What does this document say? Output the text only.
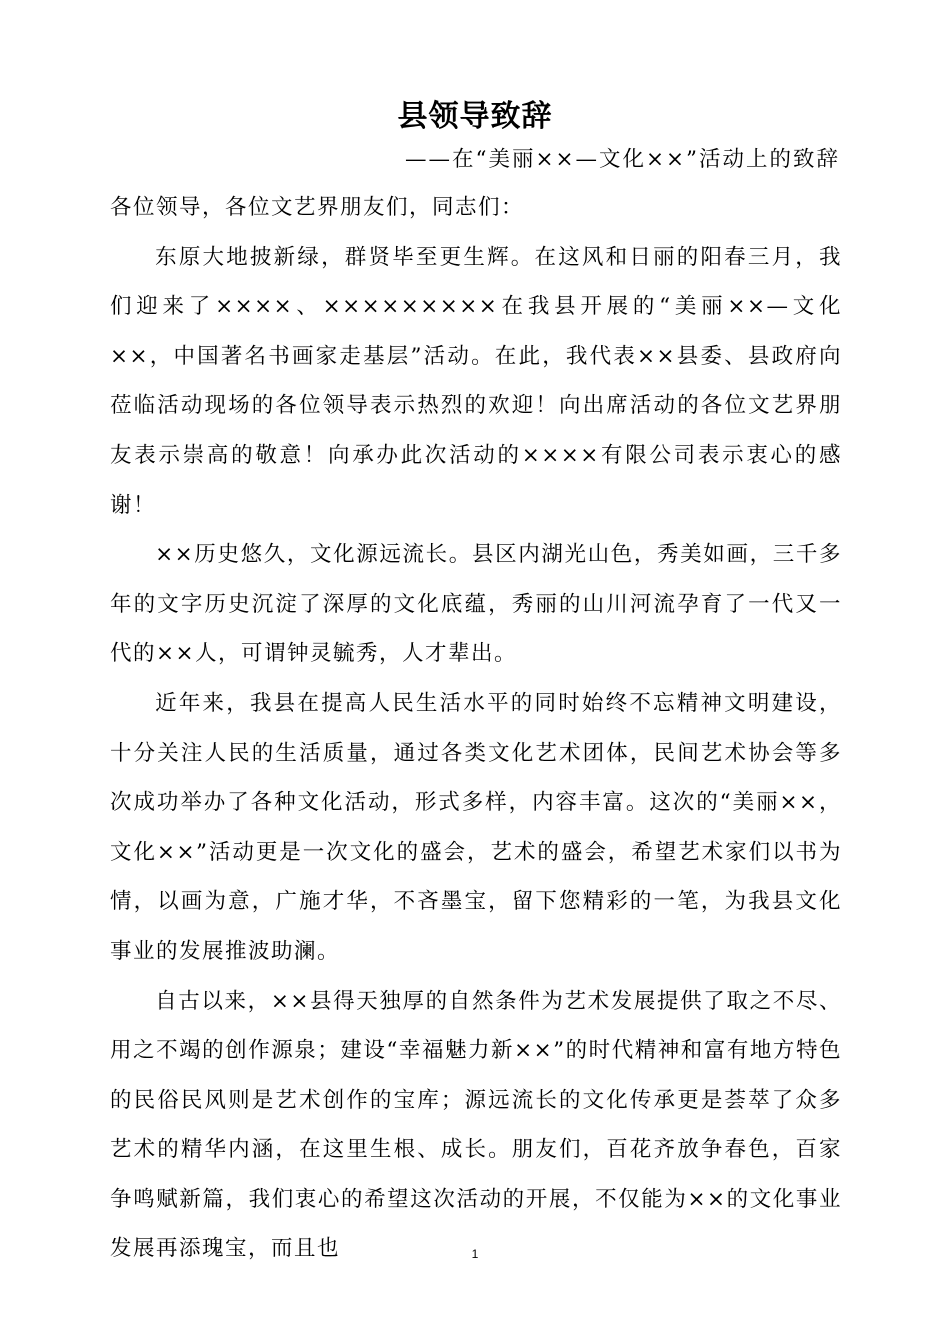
县领导致辞
——在“美丽××—文化××”活动上的致辞

各位领导，各位文艺界朋友们，同志们：

东原大地披新绿，群贤毕至更生辉。在这风和日丽的阳春三月，我们迎来了××××、×××××××××在我县开展的“美丽××—文化××，中国著名书画家走基层”活动。在此，我代表××县委、县政府向莅临活动现场的各位领导表示热烈的欢迎！向出席活动的各位文艺界朋友表示崇高的敬意！向承办此次活动的××××有限公司表示衷心的感谢！

××历史悠久，文化源远流长。县区内湖光山色，秀美如画，三千多年的文字历史沉淀了深厚的文化底蕴，秀丽的山川河流孕育了一代又一代的××人，可谓钟灵毓秀，人才辈出。

近年来，我县在提高人民生活水平的同时始终不忘精神文明建设，十分关注人民的生活质量，通过各类文化艺术团体，民间艺术协会等多次成功举办了各种文化活动，形式多样，内容丰富。这次的“美丽××，文化××”活动更是一次文化的盛会，艺术的盛会，希望艺术家们以书为情，以画为意，广施才华，不吝墨宝，留下您精彩的一笔，为我县文化事业的发展推波助澜。

自古以来，××县得天独厚的自然条件为艺术发展提供了取之不尽、用之不竭的创作源泉；建设“幸福魅力新××”的时代精神和富有地方特色的民俗民风则是艺术创作的宝库；源远流长的文化传承更是荟萃了众多艺术的精华内涵，在这里生根、成长。朋友们，百花齐放争春色，百家争鸣赋新篇，我们衷心的希望这次活动的开展，不仅能为××的文化事业发展再添瑰宝，而且也	1
